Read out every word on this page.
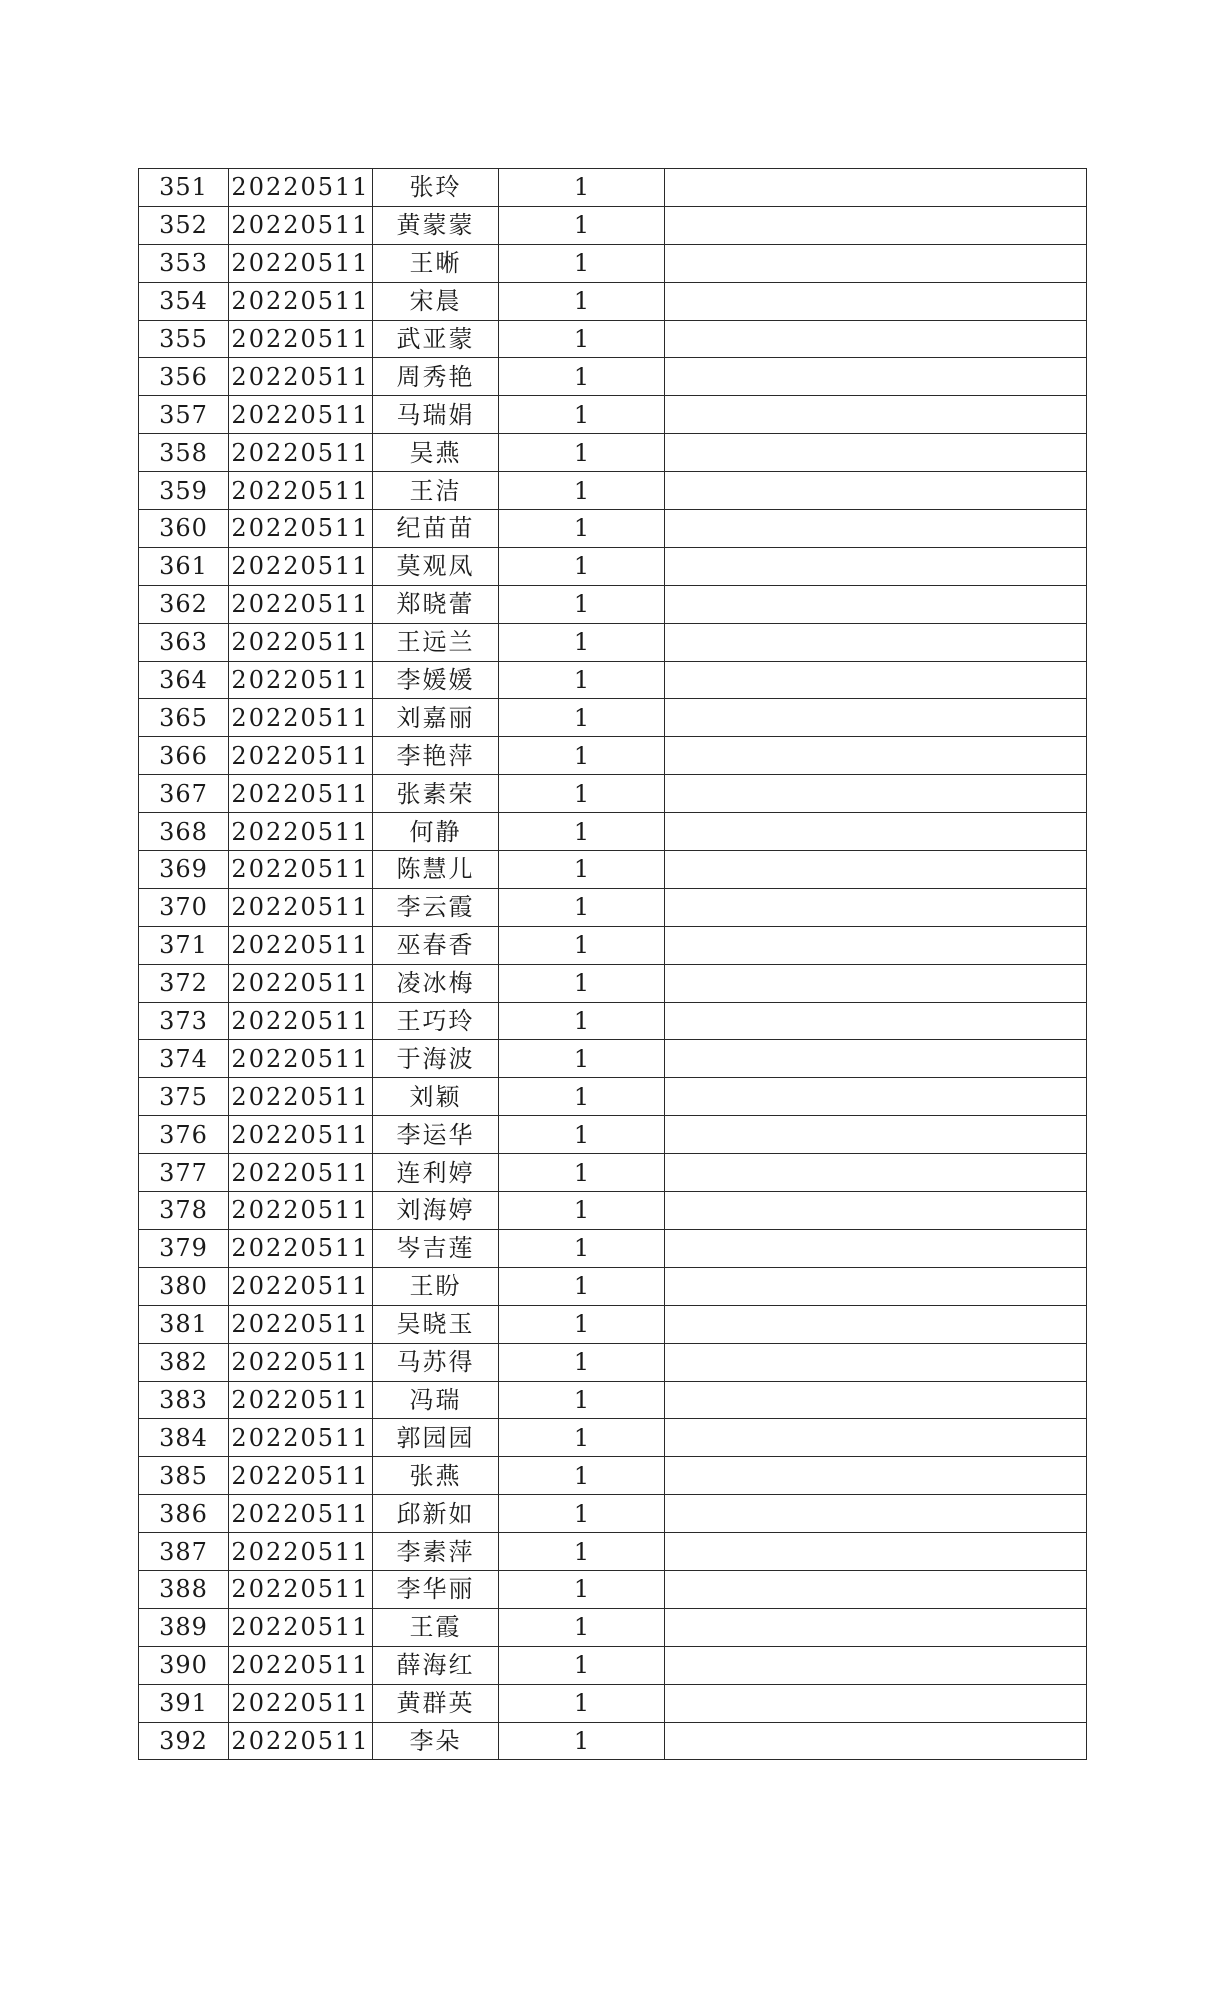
351	20220511	张玲	1	
352	20220511	黄蒙蒙	1	
353	20220511	王晰	1	
354	20220511	宋晨	1	
355	20220511	武亚蒙	1	
356	20220511	周秀艳	1	
357	20220511	马瑞娟	1	
358	20220511	吴燕	1	
359	20220511	王洁	1	
360	20220511	纪苗苗	1	
361	20220511	莫观凤	1	
362	20220511	郑晓蕾	1	
363	20220511	王远兰	1	
364	20220511	李媛媛	1	
365	20220511	刘嘉丽	1	
366	20220511	李艳萍	1	
367	20220511	张素荣	1	
368	20220511	何静	1	
369	20220511	陈慧儿	1	
370	20220511	李云霞	1	
371	20220511	巫春香	1	
372	20220511	凌冰梅	1	
373	20220511	王巧玲	1	
374	20220511	于海波	1	
375	20220511	刘颖	1	
376	20220511	李运华	1	
377	20220511	连利婷	1	
378	20220511	刘海婷	1	
379	20220511	岑吉莲	1	
380	20220511	王盼	1	
381	20220511	吴晓玉	1	
382	20220511	马苏得	1	
383	20220511	冯瑞	1	
384	20220511	郭园园	1	
385	20220511	张燕	1	
386	20220511	邱新如	1	
387	20220511	李素萍	1	
388	20220511	李华丽	1	
389	20220511	王霞	1	
390	20220511	薛海红	1	
391	20220511	黄群英	1	
392	20220511	李朵	1	
